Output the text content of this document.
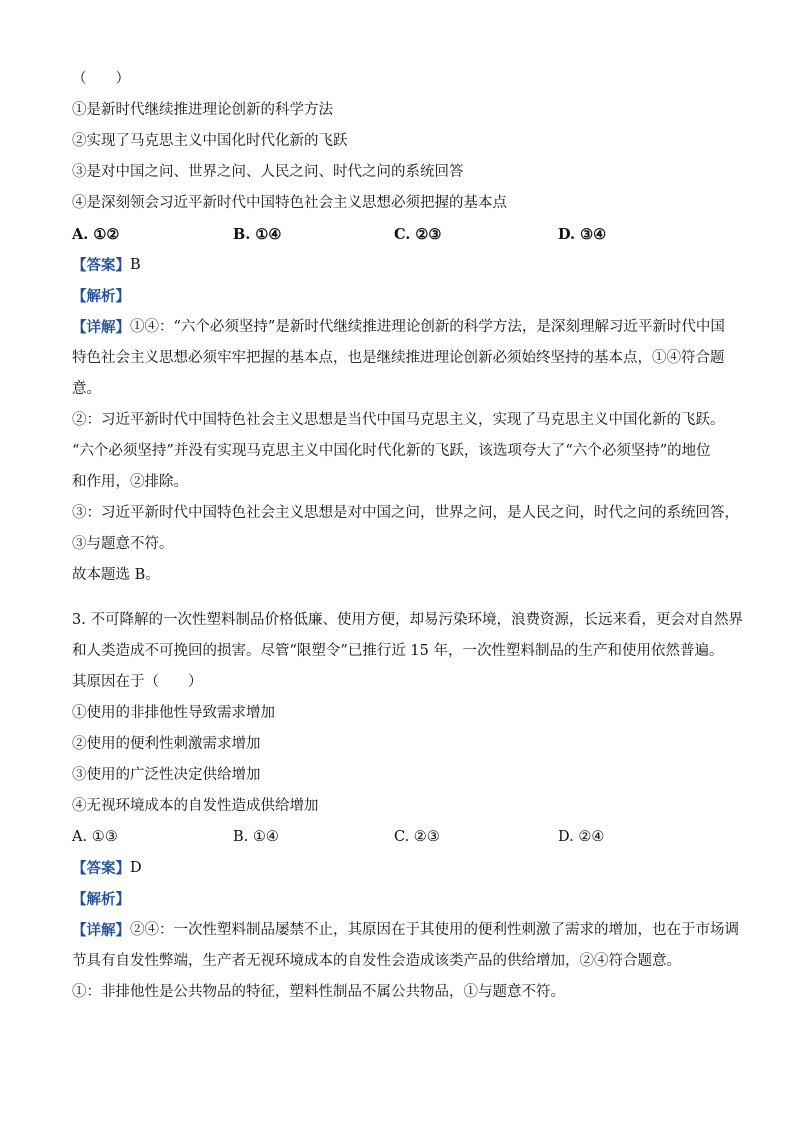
（　　）
①是新时代继续推进理论创新的科学方法
②实现了马克思主义中国化时代化新的飞跃
③是对中国之问、世界之问、人民之问、时代之问的系统回答
④是深刻领会习近平新时代中国特色社会主义思想必须把握的基本点
A. ①②	B. ①④	C. ②③	D. ③④
【答案】 B
【解析】
【详解】 ①④：“六个必须坚持”是新时代继续推进理论创新的科学方法，是深刻理解习近平新时代中国
特色社会主义思想必须牢牢把握的基本点，也是继续推进理论创新必须始终坚持的基本点，①④符合题
意。
②：习近平新时代中国特色社会主义思想是当代中国马克思主义，实现了马克思主义中国化新的飞跃。
“六个必须坚持”并没有实现马克思主义中国化时代化新的飞跃，该选项夸大了“六个必须坚持”的地位
和作用，②排除。
③：习近平新时代中国特色社会主义思想是对中国之问，世界之问，是人民之问，时代之问的系统回答，
③与题意不符。
故本题选 B。
3. 不可降解的一次性塑料制品价格低廉、使用方便，却易污染环境，浪费资源，长远来看，更会对自然界
和人类造成不可挽回的损害。尽管“限塑令”已推行近 15 年，一次性塑料制品的生产和使用依然普遍。
其原因在于（　　）
①使用的非排他性导致需求增加
②使用的便利性刺激需求增加
③使用的广泛性决定供给增加
④无视环境成本的自发性造成供给增加
A. ①③	B. ①④	C. ②③	D. ②④
【答案】 D
【解析】
【详解】 ②④：一次性塑料制品屡禁不止，其原因在于其使用的便利性刺激了需求的增加，也在于市场调
节具有自发性弊端，生产者无视环境成本的自发性会造成该类产品的供给增加，②④符合题意。
①：非排他性是公共物品的特征，塑料性制品不属公共物品，①与题意不符。
